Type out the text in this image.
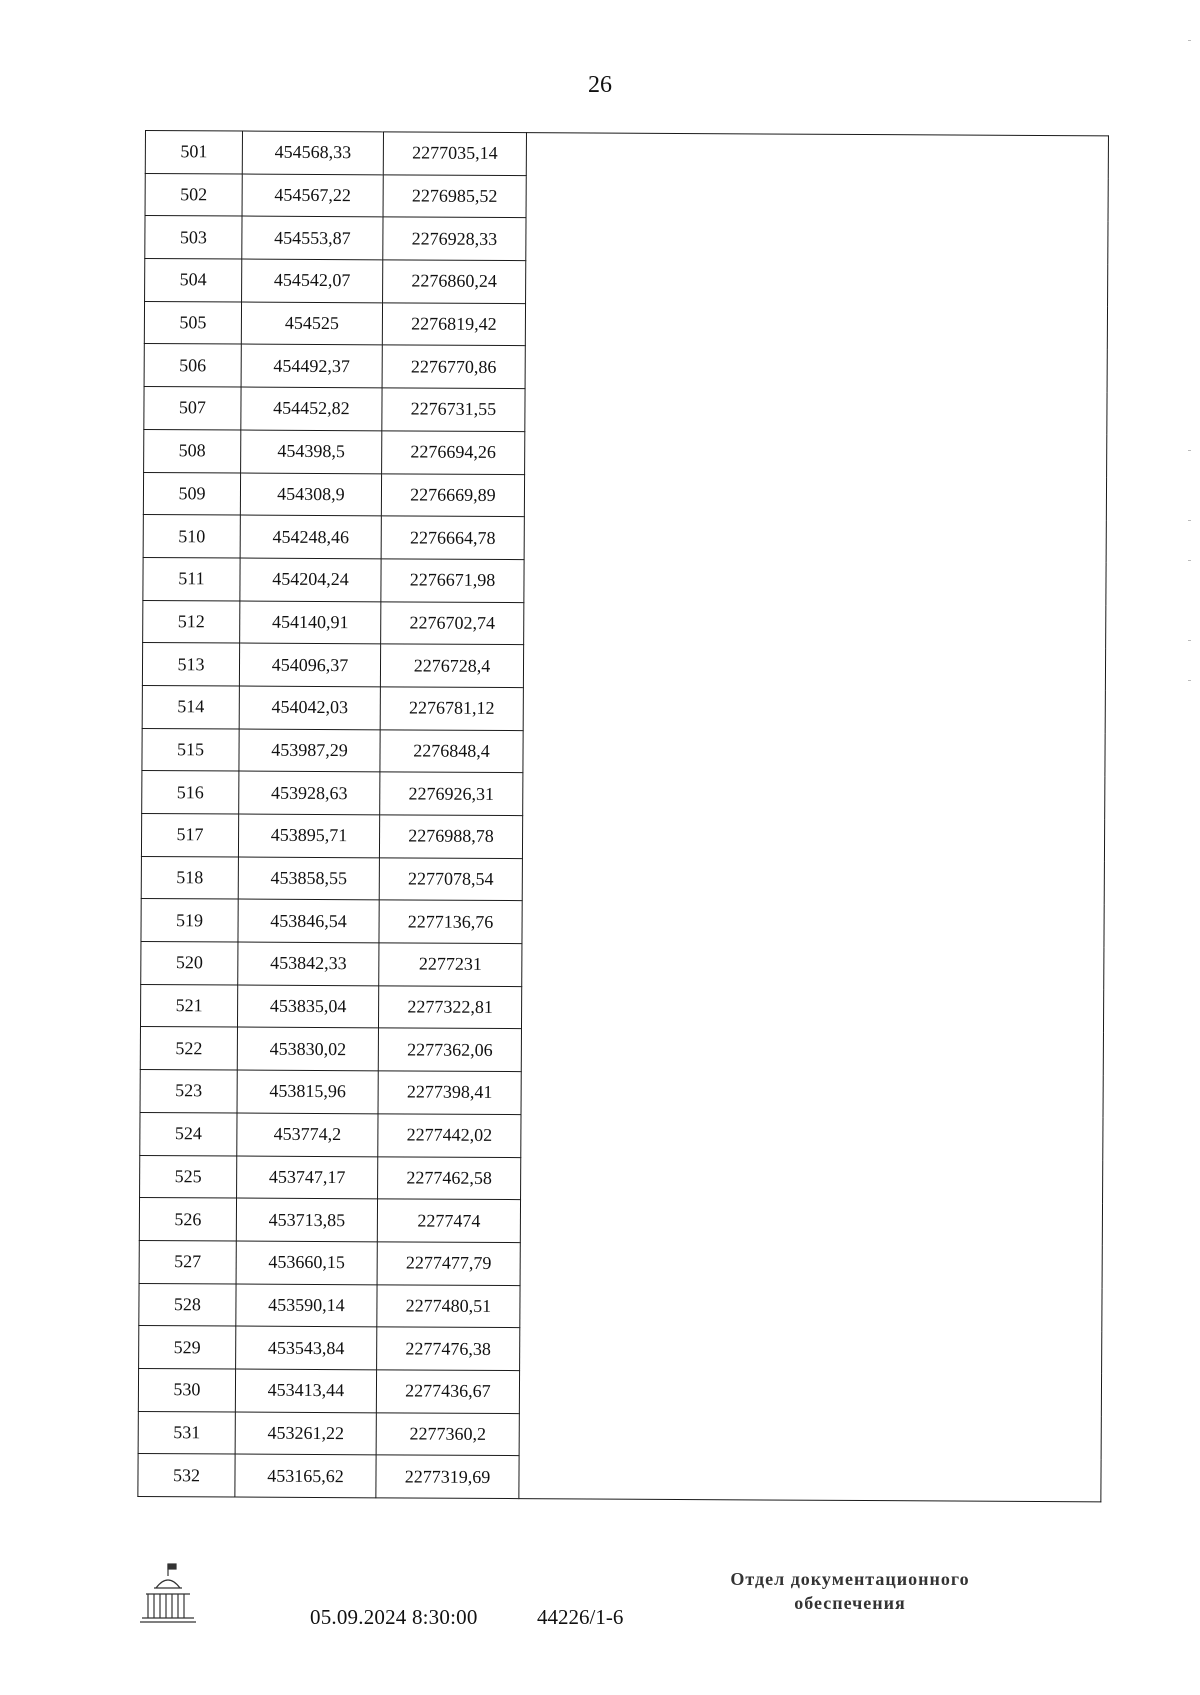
26
501	454568,33	2277035,14	
502	454567,22	2276985,52	
503	454553,87	2276928,33	
504	454542,07	2276860,24	
505	454525	2276819,42	
506	454492,37	2276770,86	
507	454452,82	2276731,55	
508	454398,5	2276694,26	
509	454308,9	2276669,89	
510	454248,46	2276664,78	
511	454204,24	2276671,98	
512	454140,91	2276702,74	
513	454096,37	2276728,4	
514	454042,03	2276781,12	
515	453987,29	2276848,4	
516	453928,63	2276926,31	
517	453895,71	2276988,78	
518	453858,55	2277078,54	
519	453846,54	2277136,76	
520	453842,33	2277231	
521	453835,04	2277322,81	
522	453830,02	2277362,06	
523	453815,96	2277398,41	
524	453774,2	2277442,02	
525	453747,17	2277462,58	
526	453713,85	2277474	
527	453660,15	2277477,79	
528	453590,14	2277480,51	
529	453543,84	2277476,38	
530	453413,44	2277436,67	
531	453261,22	2277360,2	
532	453165,62	2277319,69	
05.09.2024 8:30:00	44226/1-6
Отдел документационного
обеспечения
